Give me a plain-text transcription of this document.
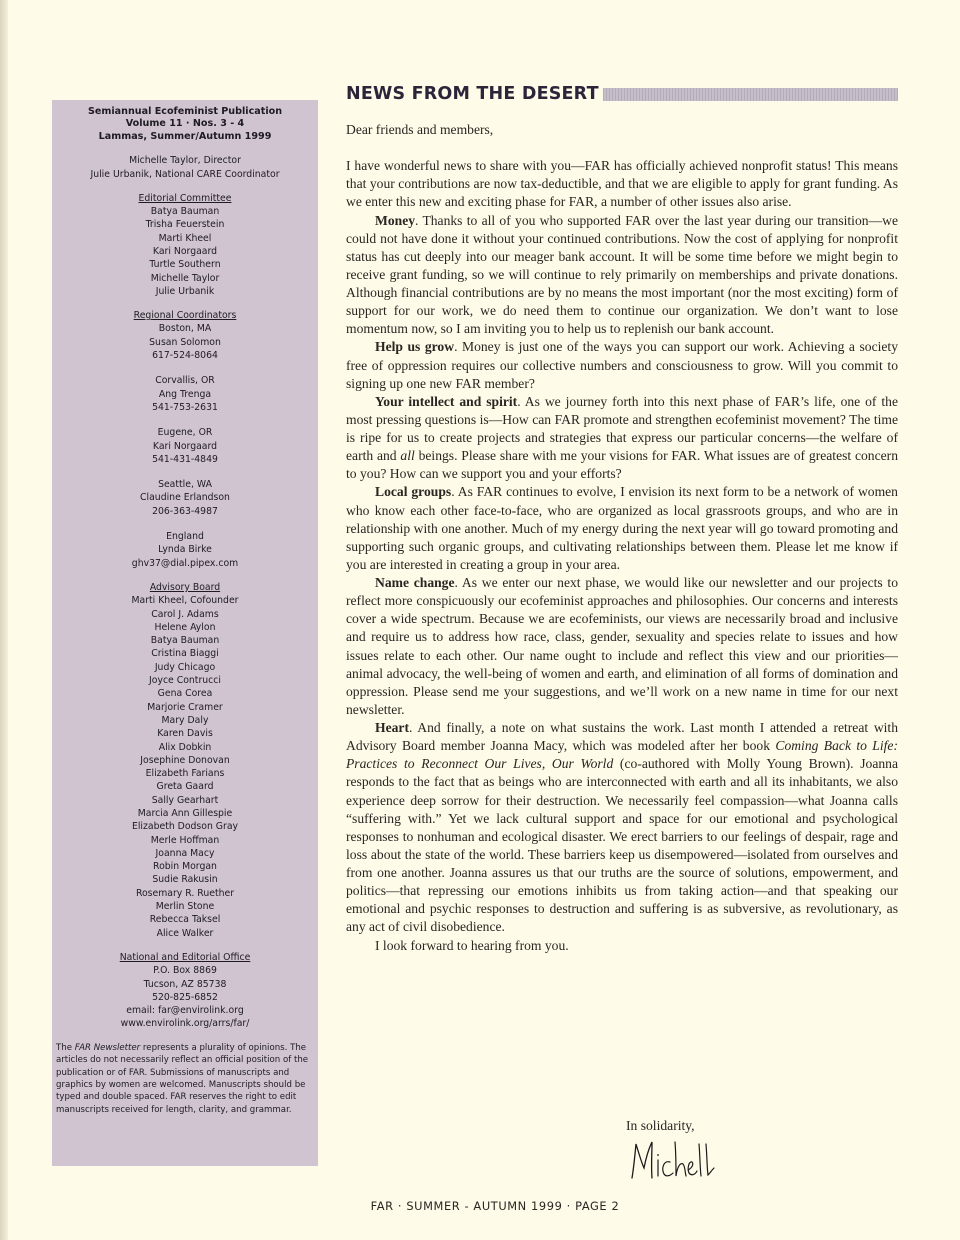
Semiannual Ecofeminist Publication
Volume 11 · Nos. 3 - 4
Lammas, Summer/Autumn 1999
Michelle Taylor, Director
Julie Urbanik, National CARE Coordinator
Editorial Committee
Batya Bauman
Trisha Feuerstein
Marti Kheel
Kari Norgaard
Turtle Southern
Michelle Taylor
Julie Urbanik
Regional Coordinators
Boston, MA
Susan Solomon
617-524-8064
Corvallis, OR
Ang Trenga
541-753-2631
Eugene, OR
Kari Norgaard
541-431-4849
Seattle, WA
Claudine Erlandson
206-363-4987
England
Lynda Birke
ghv37@dial.pipex.com
Advisory Board
Marti Kheel, Cofounder
Carol J. Adams
Helene Aylon
Batya Bauman
Cristina Biaggi
Judy Chicago
Joyce Contrucci
Gena Corea
Marjorie Cramer
Mary Daly
Karen Davis
Alix Dobkin
Josephine Donovan
Elizabeth Farians
Greta Gaard
Sally Gearhart
Marcia Ann Gillespie
Elizabeth Dodson Gray
Merle Hoffman
Joanna Macy
Robin Morgan
Sudie Rakusin
Rosemary R. Ruether
Merlin Stone
Rebecca Taksel
Alice Walker
National and Editorial Office
P.O. Box 8869
Tucson, AZ 85738
520-825-6852
email: far@envirolink.org
www.envirolink.org/arrs/far/
The FAR Newsletter represents a plurality of opinions. The articles do not necessarily reflect an official position of the publication or of FAR. Submissions of manuscripts and graphics by women are welcomed. Manuscripts should be typed and double spaced. FAR reserves the right to edit manuscripts received for length, clarity, and grammar.
NEWS FROM THE DESERT

Dear friends and members,

I have wonderful news to share with you—FAR has officially achieved nonprofit status! This means that your contributions are now tax-deductible, and that we are eligible to apply for grant funding. As we enter this new and exciting phase for FAR, a number of other issues also arise.

Money. Thanks to all of you who supported FAR over the last year during our transition—we could not have done it without your continued contributions. Now the cost of applying for nonprofit status has cut deeply into our meager bank account. It will be some time before we might begin to receive grant funding, so we will continue to rely primarily on memberships and private donations. Although financial contributions are by no means the most important (nor the most exciting) form of support for our work, we do need them to continue our organization. We don’t want to lose momentum now, so I am inviting you to help us to replenish our bank account.

Help us grow. Money is just one of the ways you can support our work. Achieving a society free of oppression requires our collective numbers and consciousness to grow. Will you commit to signing up one new FAR member?

Your intellect and spirit. As we journey forth into this next phase of FAR’s life, one of the most pressing questions is—How can FAR promote and strengthen ecofeminist movement? The time is ripe for us to create projects and strategies that express our particular concerns—the welfare of earth and all beings. Please share with me your visions for FAR. What issues are of greatest concern to you? How can we support you and your efforts?

Local groups. As FAR continues to evolve, I envision its next form to be a network of women who know each other face-to-face, who are organized as local grassroots groups, and who are in relationship with one another. Much of my energy during the next year will go toward promoting and supporting such organic groups, and cultivating relationships between them. Please let me know if you are interested in creating a group in your area.

Name change. As we enter our next phase, we would like our newsletter and our projects to reflect more conspicuously our ecofeminist approaches and philosophies. Our concerns and interests cover a wide spectrum. Because we are ecofeminists, our views are necessarily broad and inclusive and require us to address how race, class, gender, sexuality and species relate to issues and how issues relate to each other. Our name ought to include and reflect this view and our priorities—animal advocacy, the well-being of women and earth, and elimination of all forms of domination and oppression. Please send me your suggestions, and we’ll work on a new name in time for our next newsletter.

Heart. And finally, a note on what sustains the work. Last month I attended a retreat with Advisory Board member Joanna Macy, which was modeled after her book Coming Back to Life: Practices to Reconnect Our Lives, Our World (co-authored with Molly Young Brown). Joanna responds to the fact that as beings who are interconnected with earth and all its inhabitants, we also experience deep sorrow for their destruction. We necessarily feel compassion—what Joanna calls “suffering with.” Yet we lack cultural support and space for our emotional and psychological responses to nonhuman and ecological disaster. We erect barriers to our feelings of despair, rage and loss about the state of the world. These barriers keep us disempowered—isolated from ourselves and from one another. Joanna assures us that our truths are the source of solutions, empowerment, and politics—that repressing our emotions inhibits us from taking action—and that speaking our emotional and psychic responses to destruction and suffering is as subversive, as revolutionary, as any act of civil disobedience.

I look forward to hearing from you.

In solidarity,
FAR · SUMMER - AUTUMN 1999 · PAGE 2
